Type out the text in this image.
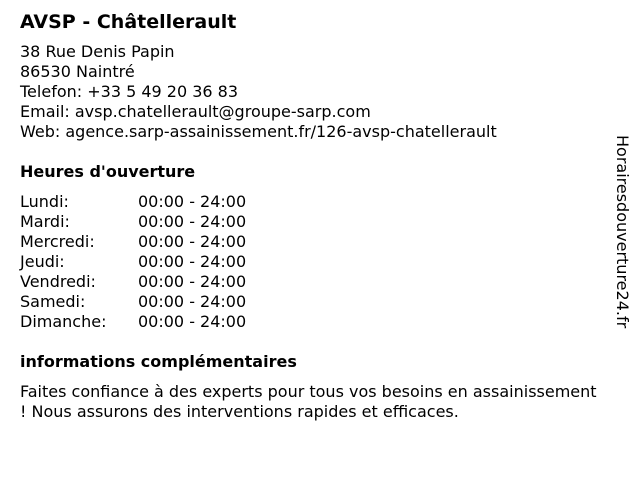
AVSP - Châtellerault
38 Rue Denis Papin
86530 Naintré
Telefon: +33 5 49 20 36 83
Email: avsp.chatellerault@groupe-sarp.com
Web: agence.sarp-assainissement.fr/126-avsp-chatellerault
Heures d'ouverture
Lundi:	00:00 - 24:00
Mardi:	00:00 - 24:00
Mercredi:	00:00 - 24:00
Jeudi:	00:00 - 24:00
Vendredi:	00:00 - 24:00
Samedi:	00:00 - 24:00
Dimanche:	00:00 - 24:00
informations complémentaires
Faites confiance à des experts pour tous vos besoins en assainissement ! Nous assurons des interventions rapides et efficaces.
Horairesdouverture24.fr
